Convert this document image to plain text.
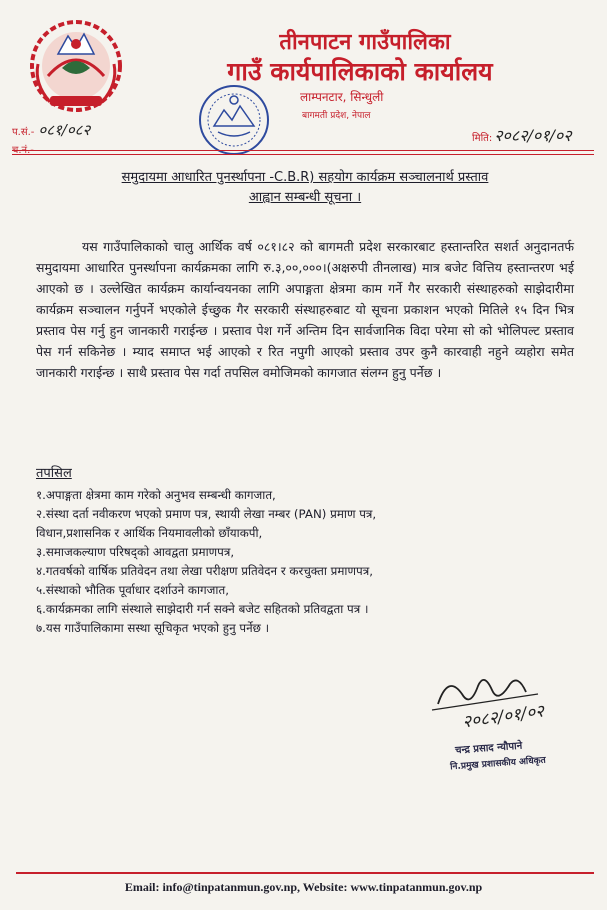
तीनपाटन गाउँपालिका
गाउँ कार्यपालिकाको कार्यालय
लाम्पनटार, सिन्धुली
बागमती प्रदेश, नेपाल
प.सं.- ०८१/०८२
च.नं.-
मिति: २०८२/०१/०२
समुदायमा आधारित पुनर्स्थापना -C.B.R) सहयोग कार्यक्रम सञ्चालनार्थ प्रस्ताव
आह्वान सम्बन्धी सूचना ।

यस गाउँपालिकाको चालु आर्थिक वर्ष ०८१।८२ को बागमती प्रदेश सरकारबाट हस्तान्तरित सशर्त अनुदानतर्फ समुदायमा आधारित पुनर्स्थापना कार्यक्रमका लागि रु.३,००,०००।(अक्षरुपी तीनलाख) मात्र बजेट वित्तिय हस्तान्तरण भई आएको छ । उल्लेखित कार्यक्रम कार्यान्वयनका लागि अपाङ्गता क्षेत्रमा काम गर्ने गैर सरकारी संस्थाहरुको साझेदारीमा कार्यक्रम सञ्चालन गर्नुपर्ने भएकोले ईच्छुक गैर सरकारी संस्थाहरुबाट यो सूचना प्रकाशन भएको मितिले १५ दिन भित्र प्रस्ताव पेस गर्नु हुन जानकारी गराईन्छ । प्रस्ताव पेश गर्ने अन्तिम दिन सार्वजानिक विदा परेमा सो को भोलिपल्ट प्रस्ताव पेस गर्न सकिनेछ । म्याद समाप्त भई आएको र रित नपुगी आएको प्रस्ताव उपर कुनै कारवाही नहुने व्यहोरा समेत जानकारी गराईन्छ । साथै प्रस्ताव पेस गर्दा तपसिल वमोजिमको कागजात संलग्न हुनु पर्नेछ ।

तपसिल
१.अपाङ्गता क्षेत्रमा काम गरेको अनुभव सम्बन्धी कागजात,
२.संस्था दर्ता नवीकरण भएको प्रमाण पत्र, स्थायी लेखा नम्बर (PAN) प्रमाण पत्र,
विधान,प्रशासनिक र आर्थिक नियमावलीको छाँयाकपी,
३.समाजकल्याण परिषद्को आवद्वता प्रमाणपत्र,
४.गतवर्षको वार्षिक प्रतिवेदन तथा लेखा परीक्षण प्रतिवेदन र करचुक्ता प्रमाणपत्र,
५.संस्थाको भौतिक पूर्वाधार दर्शाउने कागजात,
६.कार्यक्रमका लागि संस्थाले साझेदारी गर्न सक्ने बजेट सहितको प्रतिवद्वता पत्र ।
७.यस गाउँपालिकामा सस्था सूचिकृत भएको हुनु पर्नेछ ।
२०८२/०१/०२
चन्द्र प्रसाद न्यौपाने
नि.प्रमुख प्रशासकीय अधिकृत
Email: info@tinpatanmun.gov.np, Website: www.tinpatanmun.gov.np
